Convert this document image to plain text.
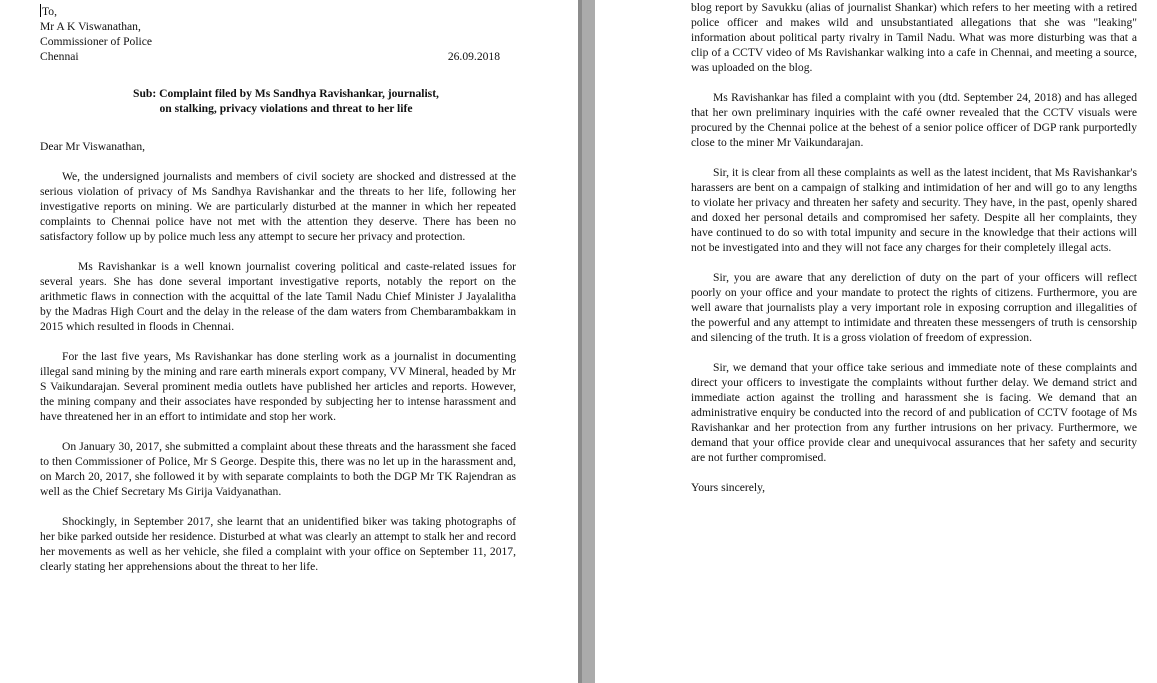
To,
Mr A K Viswanathan,
Commissioner of Police
Chennai	26.09.2018
Sub: Complaint filed by Ms Sandhya Ravishankar, journalist,
on stalking, privacy violations and threat to her life
Dear Mr Viswanathan,

We, the undersigned journalists and members of civil society are shocked and distressed at the serious violation of privacy of Ms Sandhya Ravishankar and the threats to her life, following her investigative reports on mining. We are particularly disturbed at the manner in which her repeated complaints to Chennai police have not met with the attention they deserve. There has been no satisfactory follow up by police much less any attempt to secure her privacy and protection.

Ms Ravishankar is a well known journalist covering political and caste-related issues for several years. She has done several important investigative reports, notably the report on the arithmetic flaws in connection with the acquittal of the late Tamil Nadu Chief Minister J Jayalalitha by the Madras High Court and the delay in the release of the dam waters from Chembarambakkam in 2015 which resulted in floods in Chennai.

For the last five years, Ms Ravishankar has done sterling work as a journalist in documenting illegal sand mining by the mining and rare earth minerals export company, VV Mineral, headed by Mr S Vaikundarajan. Several prominent media outlets have published her articles and reports. However, the mining company and their associates have responded by subjecting her to intense harassment and have threatened her in an effort to intimidate and stop her work.

On January 30, 2017, she submitted a complaint about these threats and the harassment she faced to then Commissioner of Police, Mr S George. Despite this, there was no let up in the harassment and, on March 20, 2017, she followed it by with separate complaints to both the DGP Mr TK Rajendran as well as the Chief Secretary Ms Girija Vaidyanathan.

Shockingly, in September 2017, she learnt that an unidentified biker was taking photographs of her bike parked outside her residence. Disturbed at what was clearly an attempt to stalk her and record her movements as well as her vehicle, she filed a complaint with your office on September 11, 2017, clearly stating her apprehensions about the threat to her life.

blog report by Savukku (alias of journalist Shankar) which refers to her meeting with a retired police officer and makes wild and unsubstantiated allegations that she was "leaking" information about political party rivalry in Tamil Nadu. What was more disturbing was that a clip of a CCTV video of Ms Ravishankar walking into a cafe in Chennai, and meeting a source, was uploaded on the blog.

Ms Ravishankar has filed a complaint with you (dtd. September 24, 2018) and has alleged that her own preliminary inquiries with the café owner revealed that the CCTV visuals were procured by the Chennai police at the behest of a senior police officer of DGP rank purportedly close to the miner Mr Vaikundarajan.

Sir, it is clear from all these complaints as well as the latest incident, that Ms Ravishankar's harassers are bent on a campaign of stalking and intimidation of her and will go to any lengths to violate her privacy and threaten her safety and security. They have, in the past, openly shared and doxed her personal details and compromised her safety. Despite all her complaints, they have continued to do so with total impunity and secure in the knowledge that their actions will not be investigated into and they will not face any charges for their completely illegal acts.

Sir, you are aware that any dereliction of duty on the part of your officers will reflect poorly on your office and your mandate to protect the rights of citizens. Furthermore, you are well aware that journalists play a very important role in exposing corruption and illegalities of the powerful and any attempt to intimidate and threaten these messengers of truth is censorship and silencing of the truth. It is a gross violation of freedom of expression.

Sir, we demand that your office take serious and immediate note of these complaints and direct your officers to investigate the complaints without further delay. We demand strict and immediate action against the trolling and harassment she is facing. We demand that an administrative enquiry be conducted into the record of and publication of CCTV footage of Ms Ravishankar and her protection from any further intrusions on her privacy. Furthermore, we demand that your office provide clear and unequivocal assurances that her safety and security are not further compromised.

Yours sincerely,
